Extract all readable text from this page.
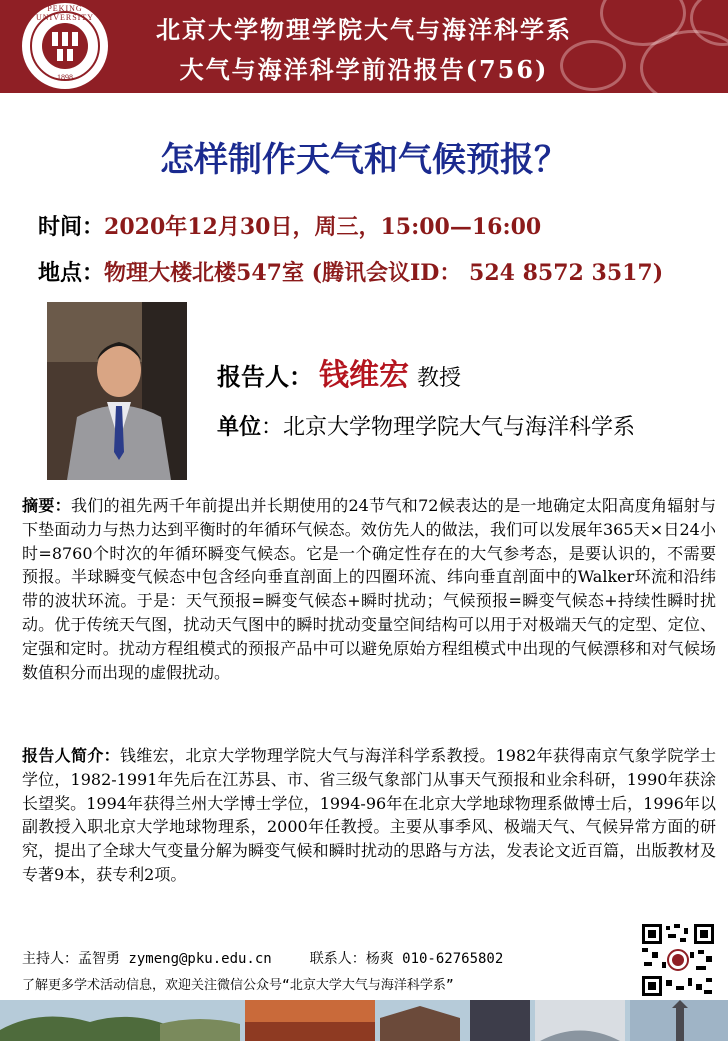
PEKING UNIVERSITY
1898
北京大学物理学院大气与海洋科学系
大气与海洋科学前沿报告(756)
怎样制作天气和气候预报？
时间：2020年12月30日，周三，15:00—16:00
地点：物理大楼北楼547室 (腾讯会议ID： 524 8572 3517)
报告人： 钱维宏 教授
单位：北京大学物理学院大气与海洋科学系

摘要：我们的祖先两千年前提出并长期使用的24节气和72候表达的是一地确定太阳高度角辐射与下垫面动力与热力达到平衡时的年循环气候态。效仿先人的做法，我们可以发展年365天×日24小时=8760个时次的年循环瞬变气候态。它是一个确定性存在的大气参考态，是要认识的，不需要预报。半球瞬变气候态中包含经向垂直剖面上的四圈环流、纬向垂直剖面中的Walker环流和沿纬带的波状环流。于是：天气预报=瞬变气候态+瞬时扰动；气候预报=瞬变气候态+持续性瞬时扰动。优于传统天气图，扰动天气图中的瞬时扰动变量空间结构可以用于对极端天气的定型、定位、定强和定时。扰动方程组模式的预报产品中可以避免原始方程组模式中出现的气候漂移和对气候场数值积分而出现的虚假扰动。

报告人简介：钱维宏，北京大学物理学院大气与海洋科学系教授。1982年获得南京气象学院学士学位，1982-1991年先后在江苏县、市、省三级气象部门从事天气预报和业余科研，1990年获涂长望奖。1994年获得兰州大学博士学位，1994-96年在北京大学地球物理系做博士后，1996年以副教授入职北京大学地球物理系，2000年任教授。主要从事季风、极端天气、气候异常方面的研究，提出了全球大气变量分解为瞬变气候和瞬时扰动的思路与方法，发表论文近百篇，出版教材及专著9本，获专利2项。

主持人：孟智勇 zymeng@pku.edu.cn	联系人：杨爽 010-62765802
了解更多学术活动信息，欢迎关注微信公众号“北京大学大气与海洋科学系”
